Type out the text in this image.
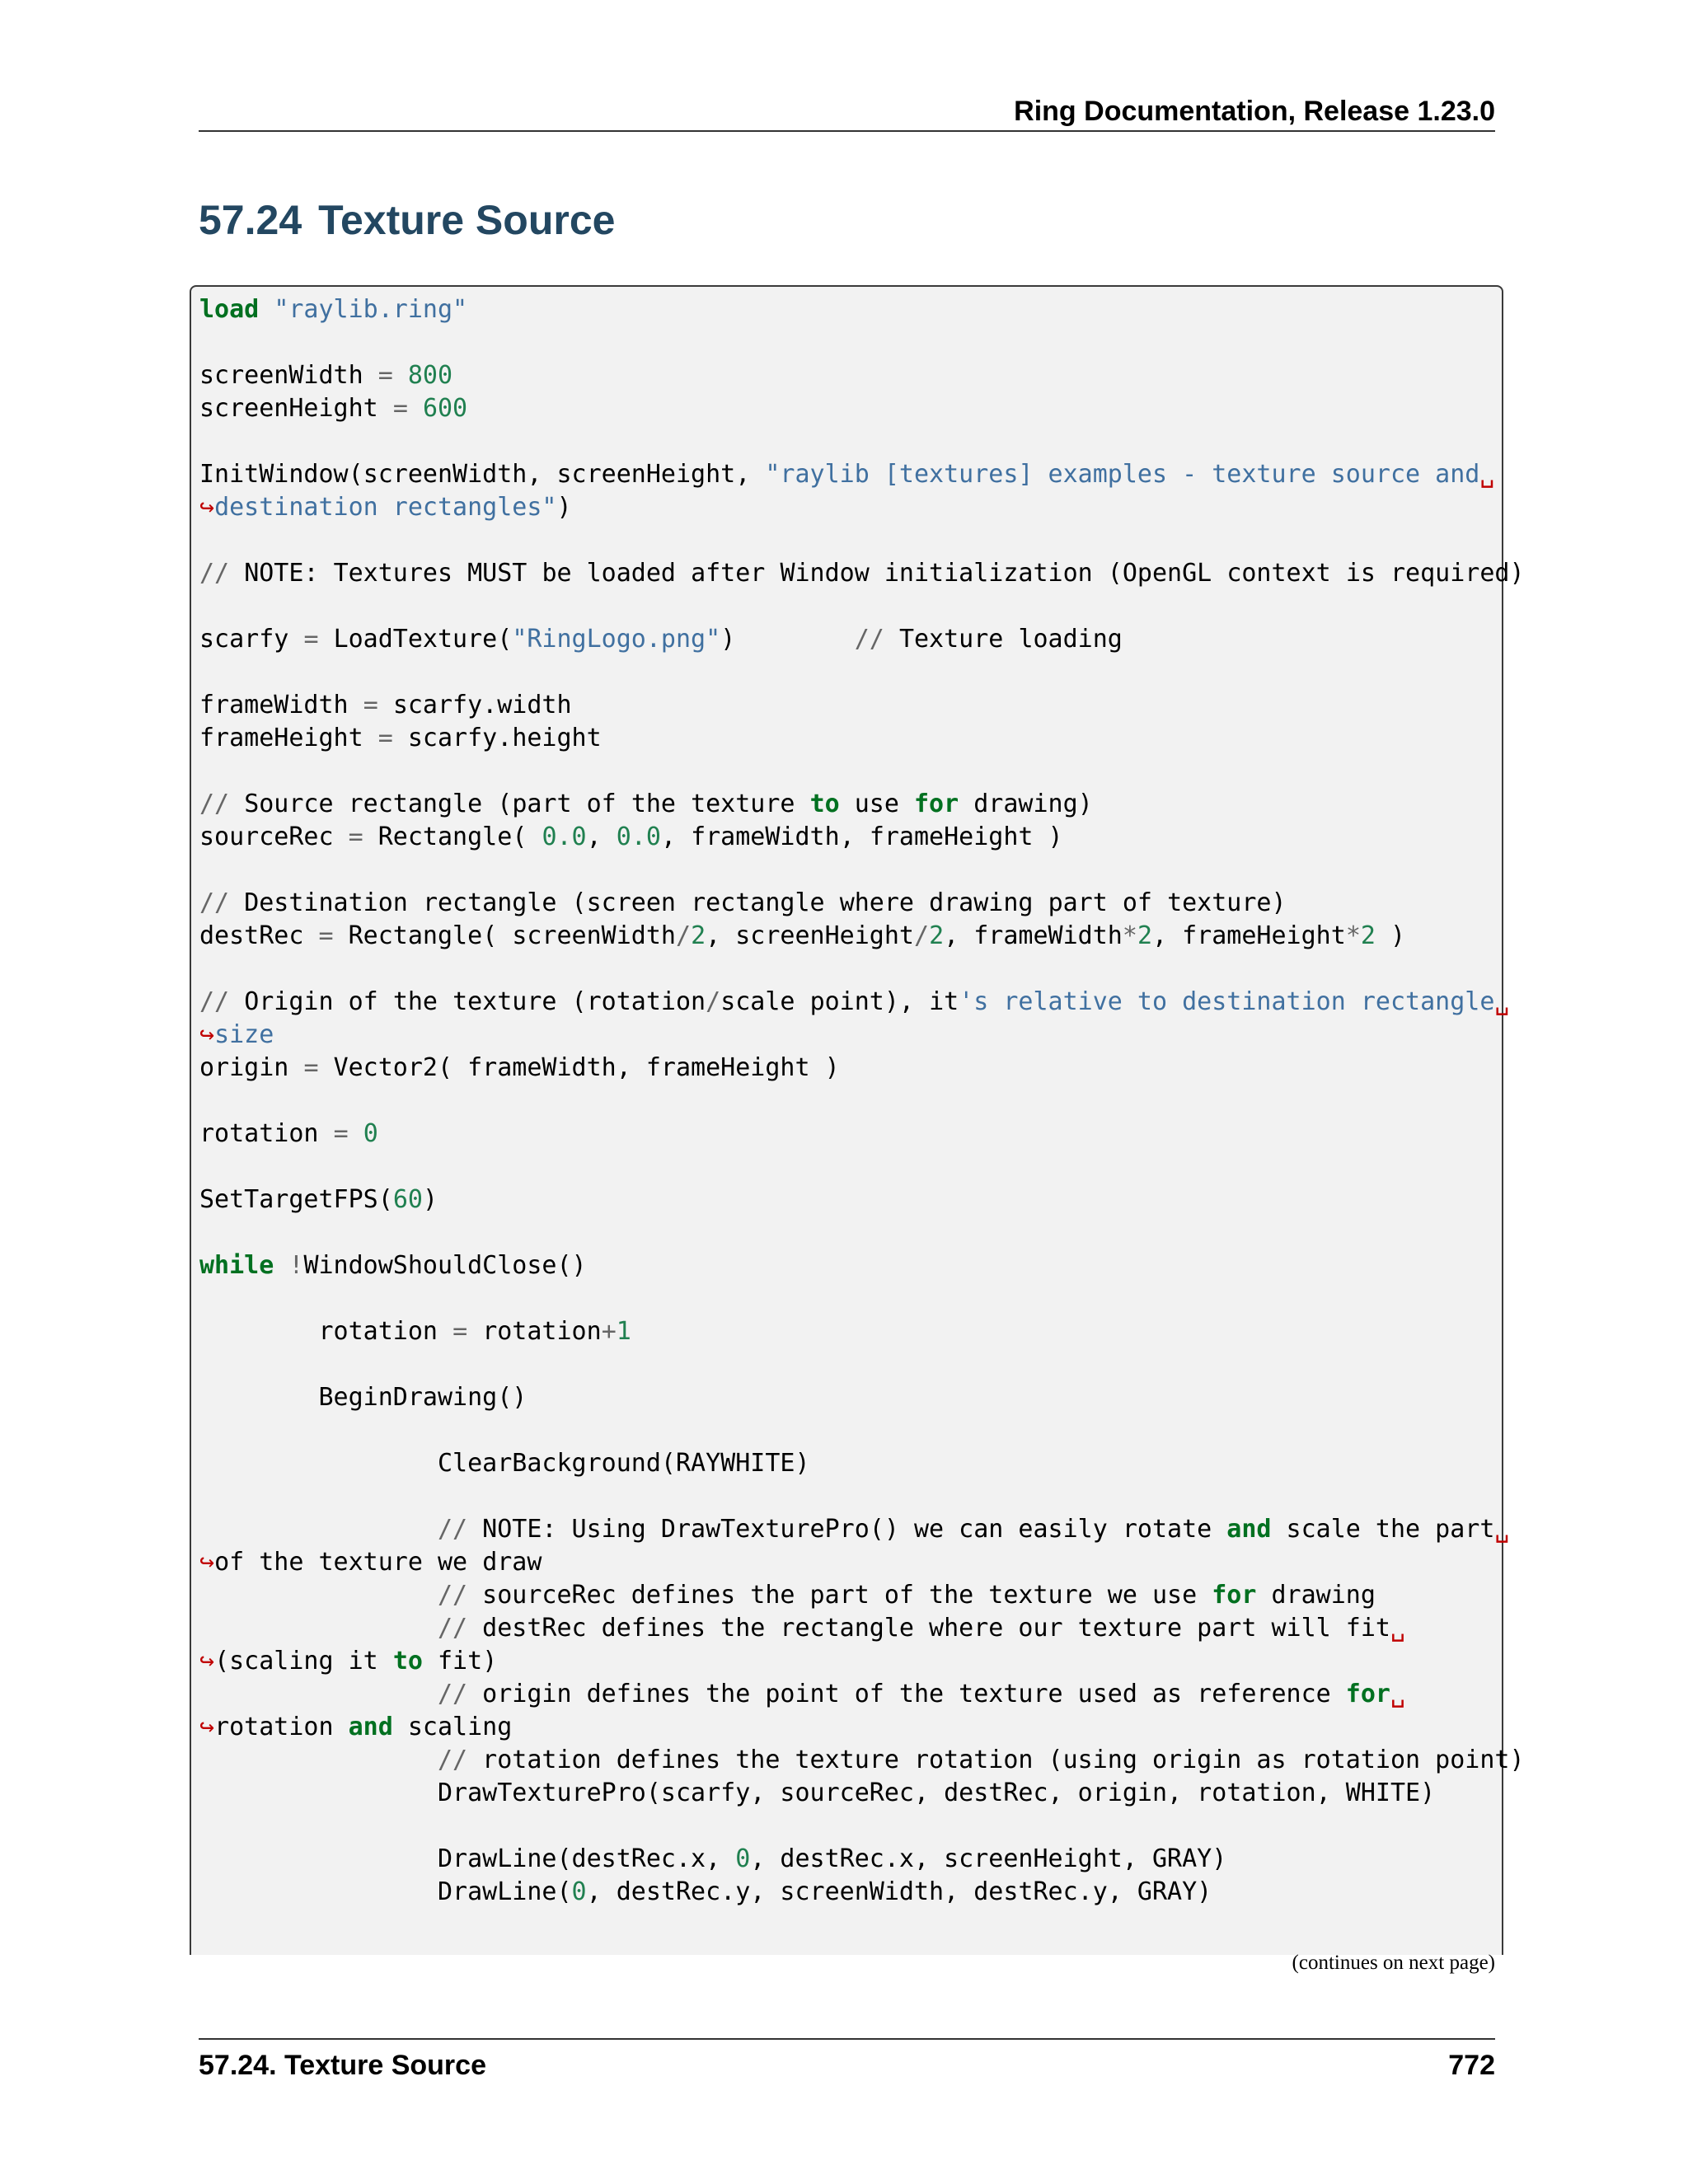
Ring Documentation, Release 1.23.0
57.24 Texture Source
load "raylib.ring"

screenWidth = 800
screenHeight = 600

InitWindow(screenWidth, screenHeight, "raylib [textures] examples - texture source and␣
↪destination rectangles")

// NOTE: Textures MUST be loaded after Window initialization (OpenGL context is required)

scarfy = LoadTexture("RingLogo.png")        // Texture loading

frameWidth = scarfy.width
frameHeight = scarfy.height

// Source rectangle (part of the texture to use for drawing)
sourceRec = Rectangle( 0.0, 0.0, frameWidth, frameHeight )

// Destination rectangle (screen rectangle where drawing part of texture)
destRec = Rectangle( screenWidth/2, screenHeight/2, frameWidth*2, frameHeight*2 )

// Origin of the texture (rotation/scale point), it's relative to destination rectangle␣
↪size
origin = Vector2( frameWidth, frameHeight )

rotation = 0

SetTargetFPS(60)

while !WindowShouldClose()

rotation = rotation+1

BeginDrawing()

ClearBackground(RAYWHITE)

// NOTE: Using DrawTexturePro() we can easily rotate and scale the part␣
↪of the texture we draw
// sourceRec defines the part of the texture we use for drawing
// destRec defines the rectangle where our texture part will fit␣
↪(scaling it to fit)
// origin defines the point of the texture used as reference for␣
↪rotation and scaling
// rotation defines the texture rotation (using origin as rotation point)
DrawTexturePro(scarfy, sourceRec, destRec, origin, rotation, WHITE)

DrawLine(destRec.x, 0, destRec.x, screenHeight, GRAY)
DrawLine(0, destRec.y, screenWidth, destRec.y, GRAY)

(continues on next page)
57.24. Texture Source	772
